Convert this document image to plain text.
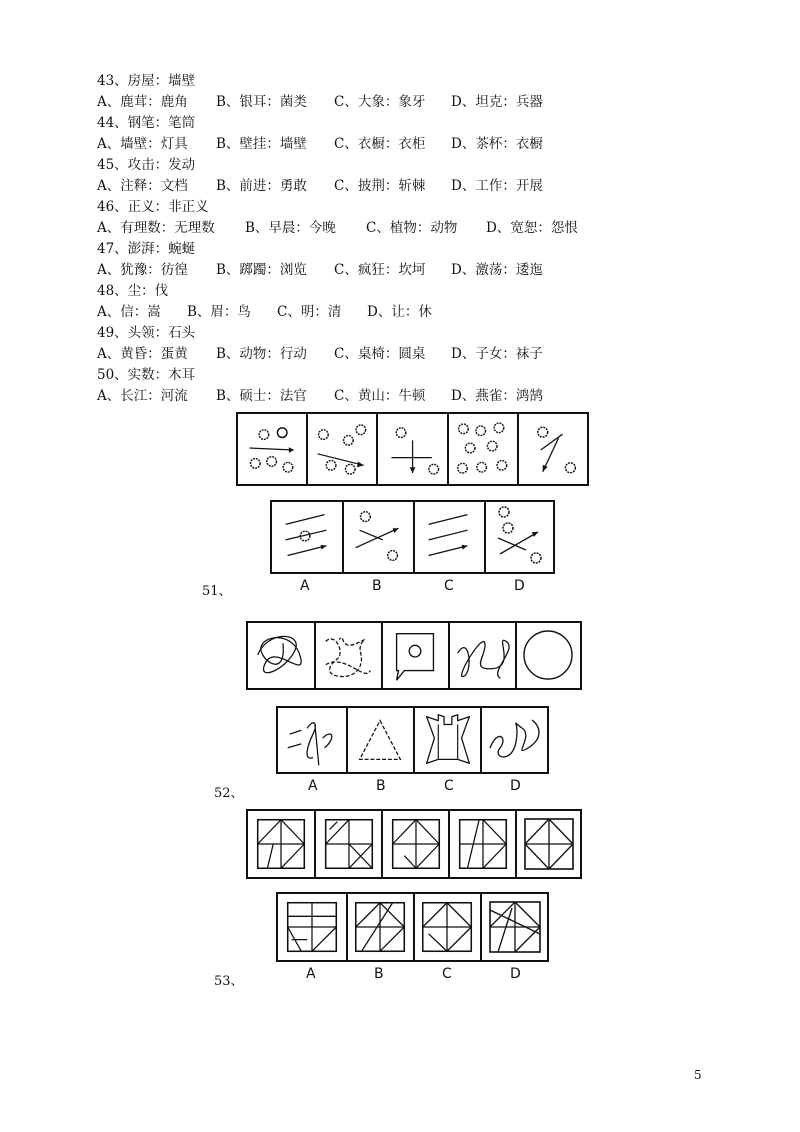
43、房屋：墙壁
A、鹿茸：鹿角 B、银耳：菌类 C、大象：象牙 D、坦克：兵器
44、钢笔：笔筒
A、墙壁：灯具 B、壁挂：墙壁 C、衣橱：衣柜 D、茶杯：衣橱
45、攻击：发动
A、注释：文档 B、前进：勇敢 C、披荆：斩棘 D、工作：开展
46、正义：非正义
A、有理数：无理数 B、早晨：今晚 C、植物：动物 D、宽恕：怨恨
47、澎湃：蜿蜒
A、犹豫：彷徨 B、踯躅：浏览 C、疯狂：坎坷 D、激荡：逶迤
48、尘：伐
A、信：嵩 B、眉：鸟 C、明：清 D、让：休
49、头领：石头
A、黄昏：蛋黄 B、动物：行动 C、桌椅：圆桌 D、子女：袜子
50、实数：木耳
A、长江：河流 B、硕士：法官 C、黄山：牛顿 D、燕雀：鸿鹄
51、	A	B	C	D
52、	A	B	C	D
53、	A	B	C	D
5
